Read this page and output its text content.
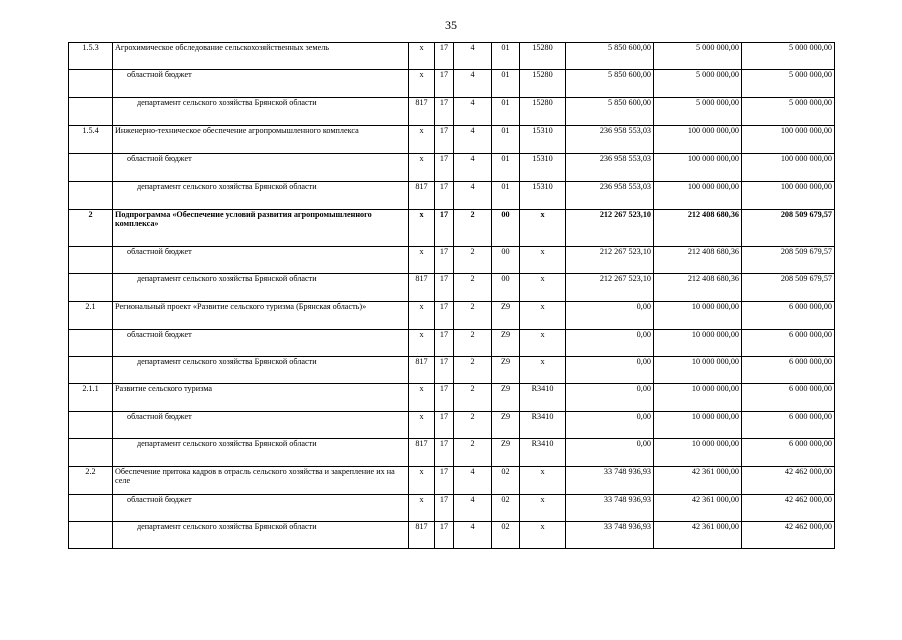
35
1.5.3	Агрохимическое обследование сельскохозяйственных земель	х	17	4	01	15280	5 850 600,00	5 000 000,00	5 000 000,00
	областной бюджет	х	17	4	01	15280	5 850 600,00	5 000 000,00	5 000 000,00
	департамент сельского хозяйства Брянской области	817	17	4	01	15280	5 850 600,00	5 000 000,00	5 000 000,00
1.5.4	Инженерно-техническое обеспечение агропромышленного комплекса	х	17	4	01	15310	236 958 553,03	100 000 000,00	100 000 000,00
	областной бюджет	х	17	4	01	15310	236 958 553,03	100 000 000,00	100 000 000,00
	департамент сельского хозяйства Брянской области	817	17	4	01	15310	236 958 553,03	100 000 000,00	100 000 000,00
2	Подпрограмма «Обеспечение условий развития агропромышленного комплекса»	х	17	2	00	х	212 267 523,10	212 408 680,36	208 509 679,57
	областной бюджет	х	17	2	00	х	212 267 523,10	212 408 680,36	208 509 679,57
	департамент сельского хозяйства Брянской области	817	17	2	00	х	212 267 523,10	212 408 680,36	208 509 679,57
2.1	Региональный проект «Развитие сельского туризма (Брянская область)»	х	17	2	Z9	х	0,00	10 000 000,00	6 000 000,00
	областной бюджет	х	17	2	Z9	х	0,00	10 000 000,00	6 000 000,00
	департамент сельского хозяйства Брянской области	817	17	2	Z9	х	0,00	10 000 000,00	6 000 000,00
2.1.1	Развитие сельского туризма	х	17	2	Z9	R3410	0,00	10 000 000,00	6 000 000,00
	областной бюджет	х	17	2	Z9	R3410	0,00	10 000 000,00	6 000 000,00
	департамент сельского хозяйства Брянской области	817	17	2	Z9	R3410	0,00	10 000 000,00	6 000 000,00
2.2	Обеспечение притока кадров в отрасль сельского хозяйства и закрепление их на селе	х	17	4	02	х	33 748 936,93	42 361 000,00	42 462 000,00
	областной бюджет	х	17	4	02	х	33 748 936,93	42 361 000,00	42 462 000,00
	департамент сельского хозяйства Брянской области	817	17	4	02	х	33 748 936,93	42 361 000,00	42 462 000,00
